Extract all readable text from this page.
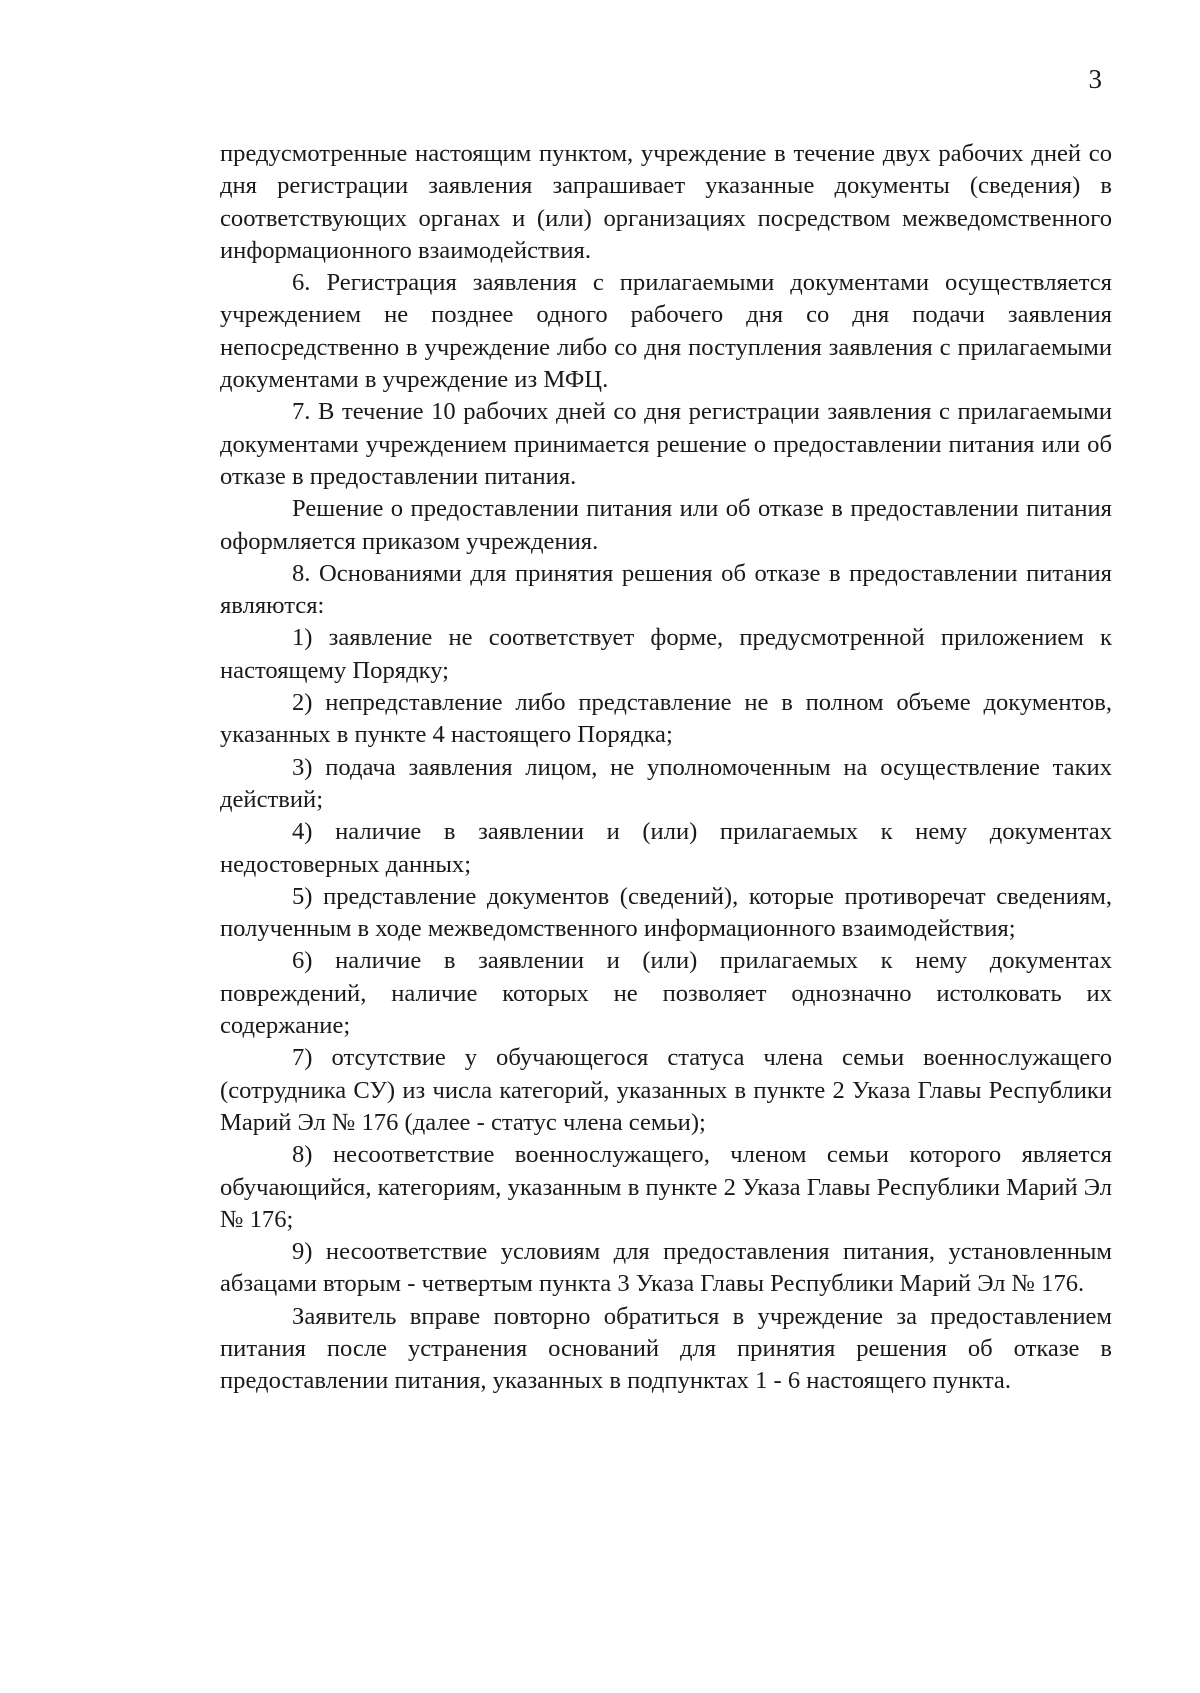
3

предусмотренные настоящим пунктом, учреждение в течение двух рабочих дней со дня регистрации заявления запрашивает указанные документы (сведения) в соответствующих органах и (или) организациях посредством межведомственного информационного взаимодействия.

6. Регистрация заявления с прилагаемыми документами осуществляется учреждением не позднее одного рабочего дня со дня подачи заявления непосредственно в учреждение либо со дня поступления заявления с прилагаемыми документами в учреждение из МФЦ.

7. В течение 10 рабочих дней со дня регистрации заявления с прилагаемыми документами учреждением принимается решение о предоставлении питания или об отказе в предоставлении питания.

Решение о предоставлении питания или об отказе в предоставлении питания оформляется приказом учреждения.

8. Основаниями для принятия решения об отказе в предоставлении питания являются:

1) заявление не соответствует форме, предусмотренной приложением к настоящему Порядку;

2) непредставление либо представление не в полном объеме документов, указанных в пункте 4 настоящего Порядка;

3) подача заявления лицом, не уполномоченным на осуществление таких действий;

4) наличие в заявлении и (или) прилагаемых к нему документах недостоверных данных;

5) представление документов (сведений), которые противоречат сведениям, полученным в ходе межведомственного информационного взаимодействия;

6) наличие в заявлении и (или) прилагаемых к нему документах повреждений, наличие которых не позволяет однозначно истолковать их содержание;

7) отсутствие у обучающегося статуса члена семьи военнослужащего (сотрудника СУ) из числа категорий, указанных в пункте 2 Указа Главы Республики Марий Эл № 176 (далее - статус члена семьи);

8) несоответствие военнослужащего, членом семьи которого является обучающийся, категориям, указанным в пункте 2 Указа Главы Республики Марий Эл № 176;

9) несоответствие условиям для предоставления питания, установленным абзацами вторым - четвертым пункта 3 Указа Главы Республики Марий Эл № 176.

Заявитель вправе повторно обратиться в учреждение за предоставлением питания после устранения оснований для принятия решения об отказе в предоставлении питания, указанных в подпунктах 1 - 6 настоящего пункта.
